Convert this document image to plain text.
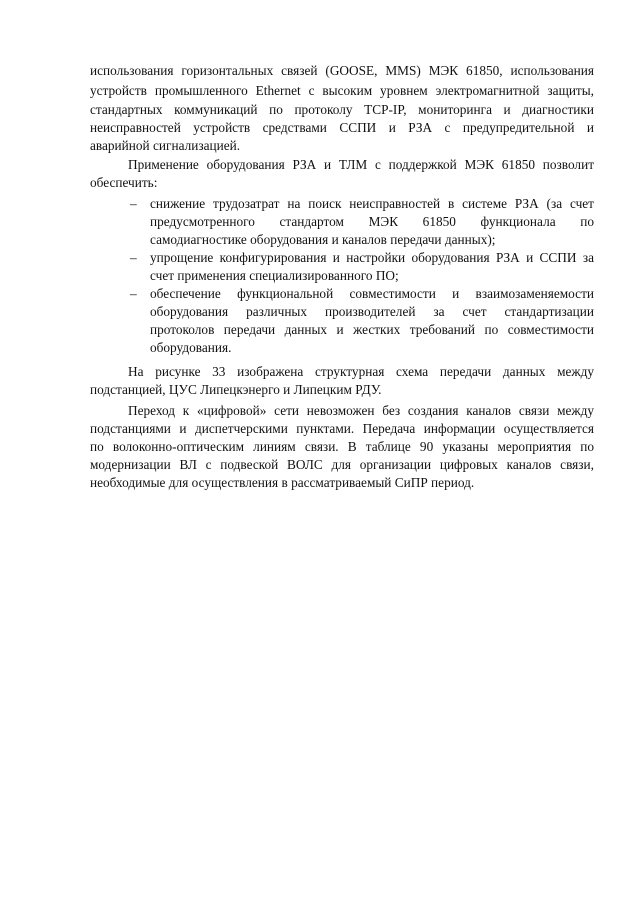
использования горизонтальных связей (GOOSE, MMS) МЭК 61850, использования
устройств промышленного Ethernet с высоким уровнем электромагнитной защиты,
стандартных коммуникаций по протоколу TCP-IP, мониторинга и диагностики
неисправностей устройств средствами ССПИ и РЗА с предупредительной и
аварийной сигнализацией.
Применение оборудования РЗА и ТЛМ с поддержкой МЭК 61850 позволит
обеспечить:
–	снижение трудозатрат на поиск неисправностей в системе РЗА (за счет
предусмотренного стандартом МЭК 61850 функционала по
самодиагностике оборудования и каналов передачи данных);
–	упрощение конфигурирования и настройки оборудования РЗА и ССПИ за
счет применения специализированного ПО;
–	обеспечение функциональной совместимости и взаимозаменяемости
оборудования различных производителей за счет стандартизации
протоколов передачи данных и жестких требований по совместимости
оборудования.
На рисунке 33 изображена структурная схема передачи данных между
подстанцией, ЦУС Липецкэнерго и Липецким РДУ.
Переход к «цифровой» сети невозможен без создания каналов связи между
подстанциями и диспетчерскими пунктами. Передача информации осуществляется
по волоконно-оптическим линиям связи. В таблице 90 указаны мероприятия по
модернизации ВЛ с подвеской ВОЛС для организации цифровых каналов связи,
необходимые для осуществления в рассматриваемый СиПР период.
